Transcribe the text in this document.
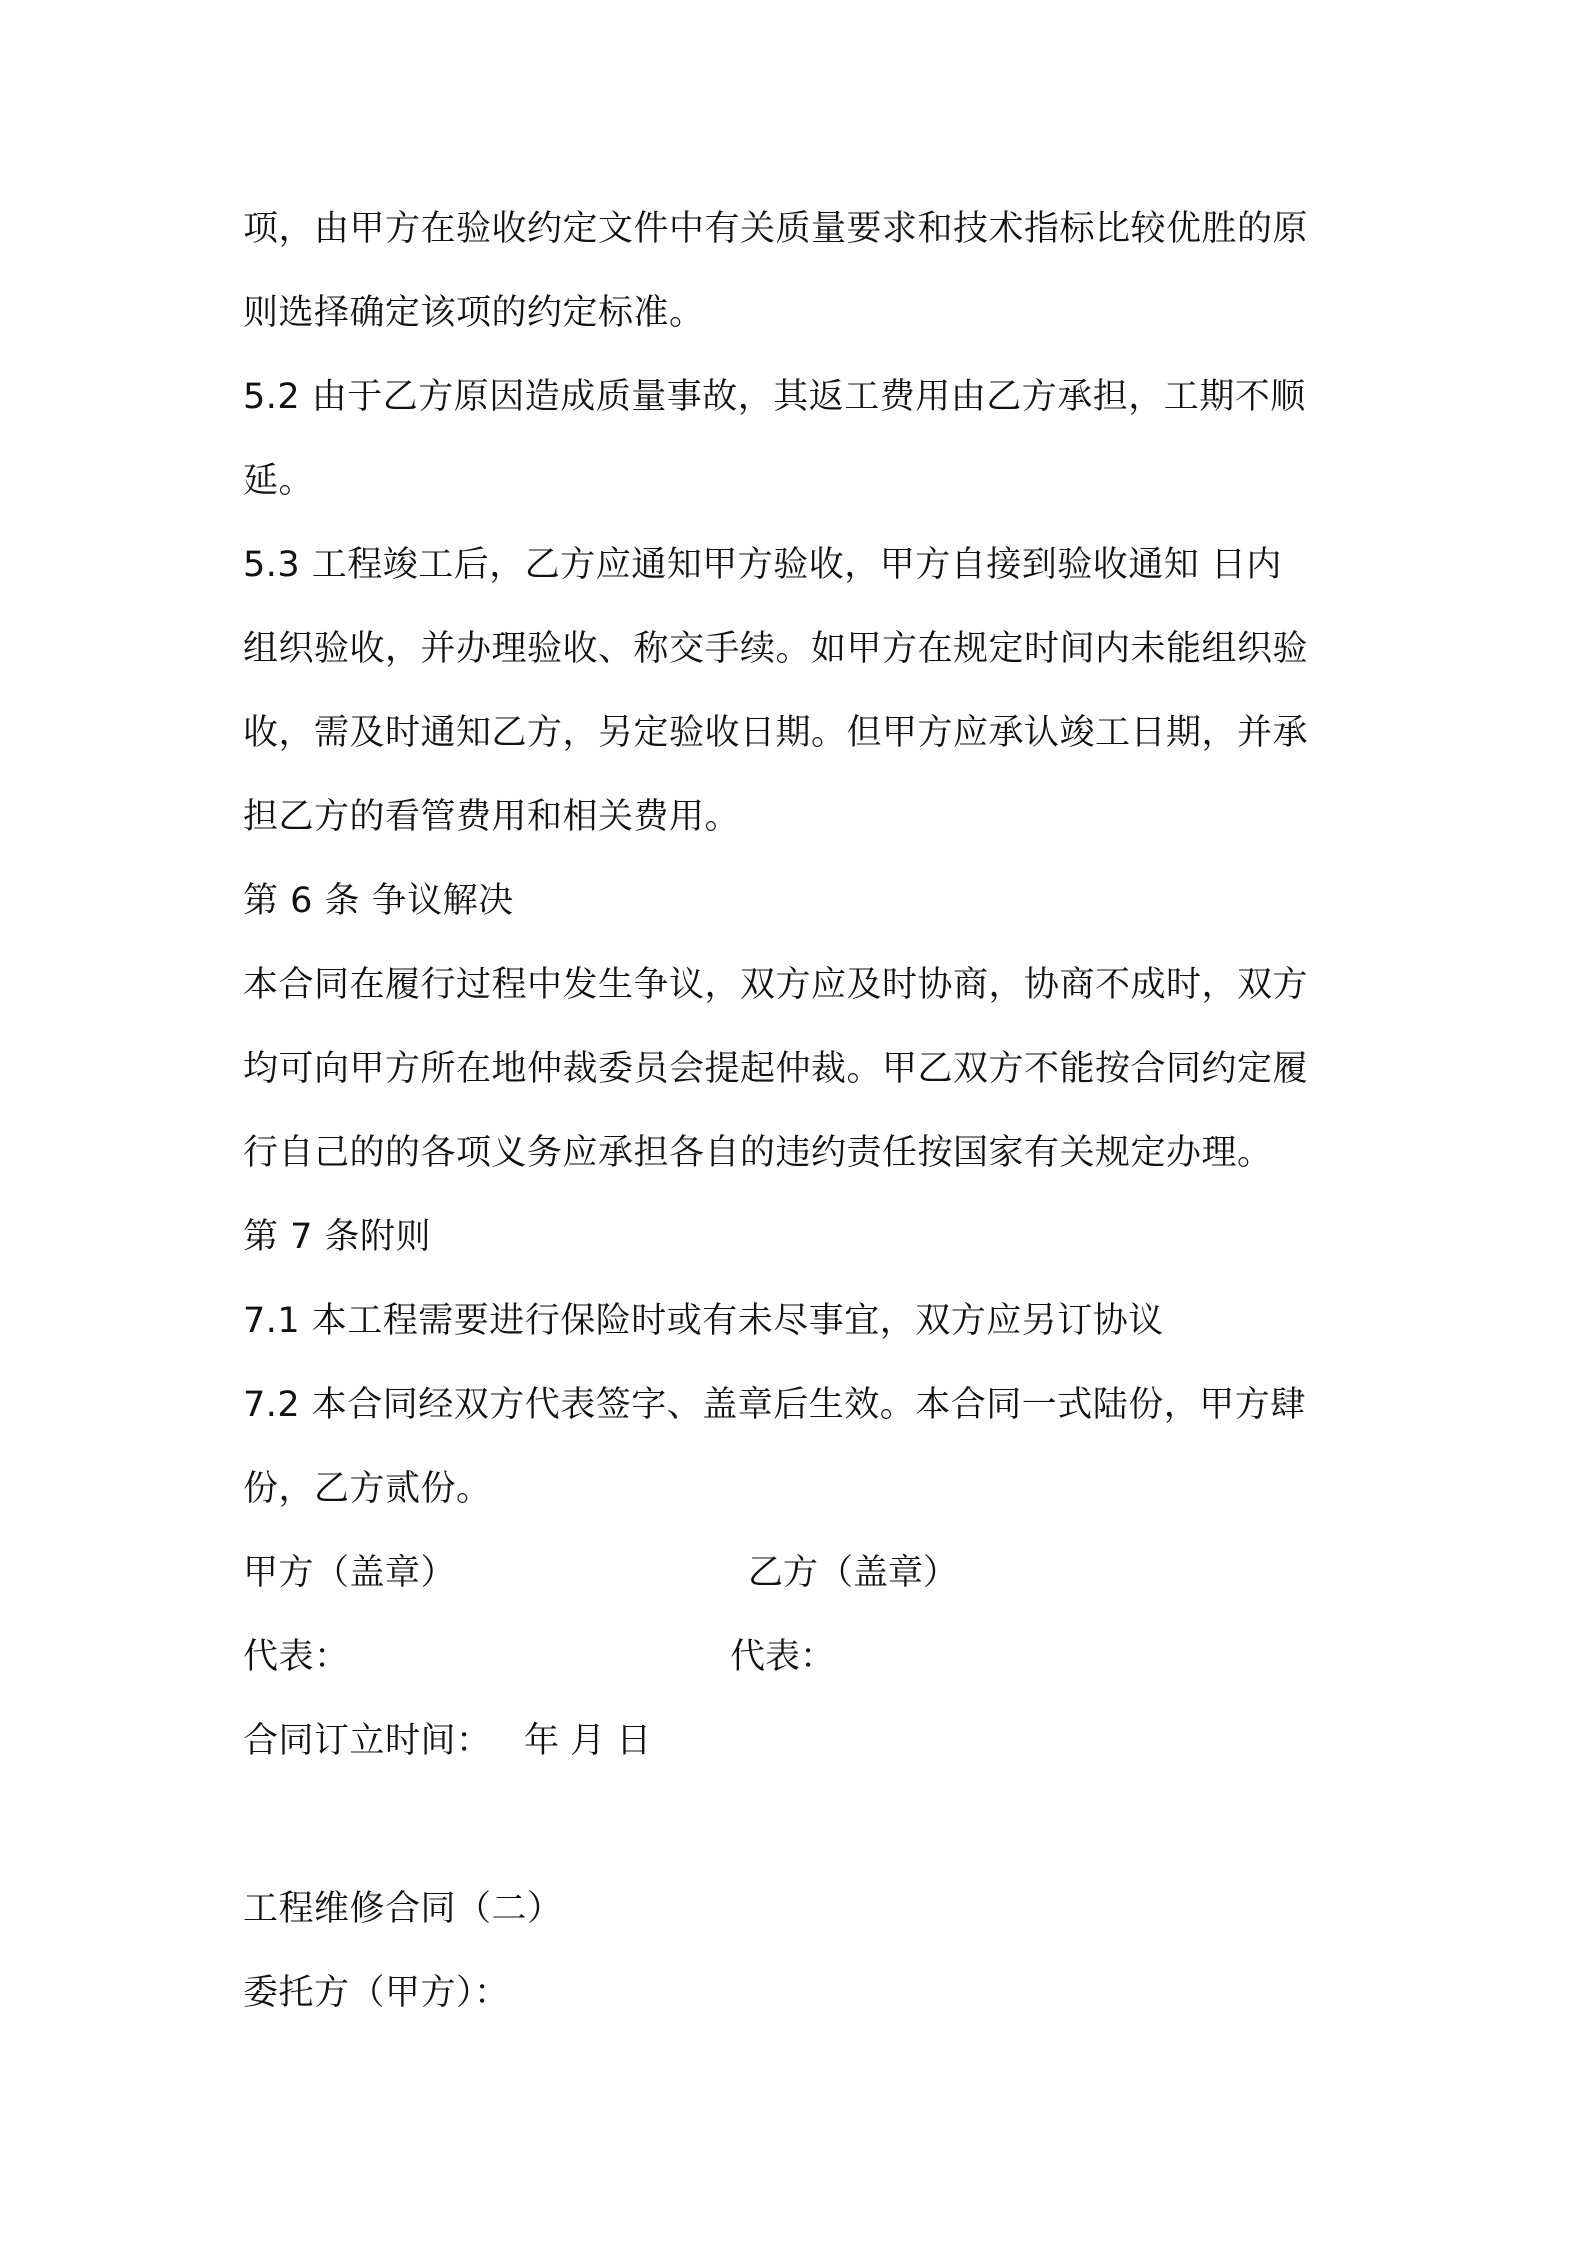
项，由甲方在验收约定文件中有关质量要求和技术指标比较优胜的原
则选择确定该项的约定标准。
5.2 由于乙方原因造成质量事故，其返工费用由乙方承担，工期不顺
延。
5.3 工程竣工后，乙方应通知甲方验收，甲方自接到验收通知 日内
组织验收，并办理验收、称交手续。如甲方在规定时间内未能组织验
收，需及时通知乙方，另定验收日期。但甲方应承认竣工日期，并承
担乙方的看管费用和相关费用。
第 6 条 争议解决
本合同在履行过程中发生争议，双方应及时协商，协商不成时，双方
均可向甲方所在地仲裁委员会提起仲裁。甲乙双方不能按合同约定履
行自己的的各项义务应承担各自的违约责任按国家有关规定办理。
第 7 条附则
7.1 本工程需要进行保险时或有未尽事宜，双方应另订协议
7.2 本合同经双方代表签字、盖章后生效。本合同一式陆份，甲方肆
份，乙方贰份。
甲方（盖章）	乙方（盖章）
代表：	代表：
合同订立时间： 年 月 日
工程维修合同（二）
委托方（甲方）：
